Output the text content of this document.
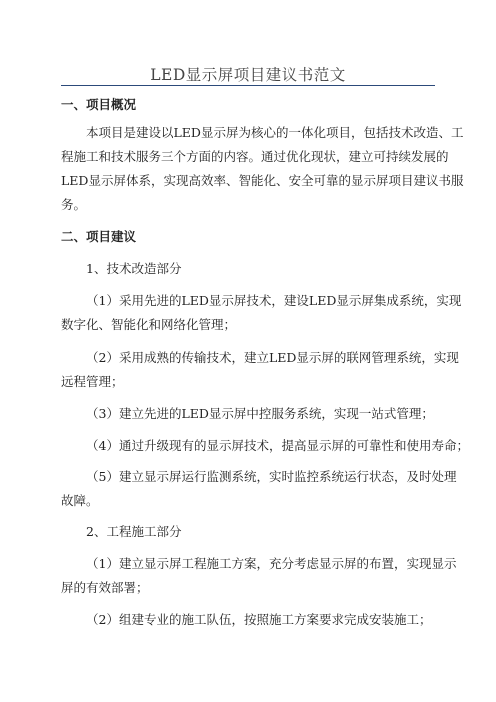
LED显示屏项目建议书范文
一、项目概况
本项目是建设以LED显示屏为核心的一体化项目，包括技术改造、工
程施工和技术服务三个方面的内容。通过优化现状，建立可持续发展的
LED显示屏体系，实现高效率、智能化、安全可靠的显示屏项目建议书服
务。
二、项目建议
1、技术改造部分
（1）采用先进的LED显示屏技术，建设LED显示屏集成系统，实现
数字化、智能化和网络化管理；
（2）采用成熟的传输技术，建立LED显示屏的联网管理系统，实现
远程管理；
（3）建立先进的LED显示屏中控服务系统，实现一站式管理；
（4）通过升级现有的显示屏技术，提高显示屏的可靠性和使用寿命；
（5）建立显示屏运行监测系统，实时监控系统运行状态，及时处理
故障。
2、工程施工部分
（1）建立显示屏工程施工方案，充分考虑显示屏的布置，实现显示
屏的有效部署；
（2）组建专业的施工队伍，按照施工方案要求完成安装施工；
